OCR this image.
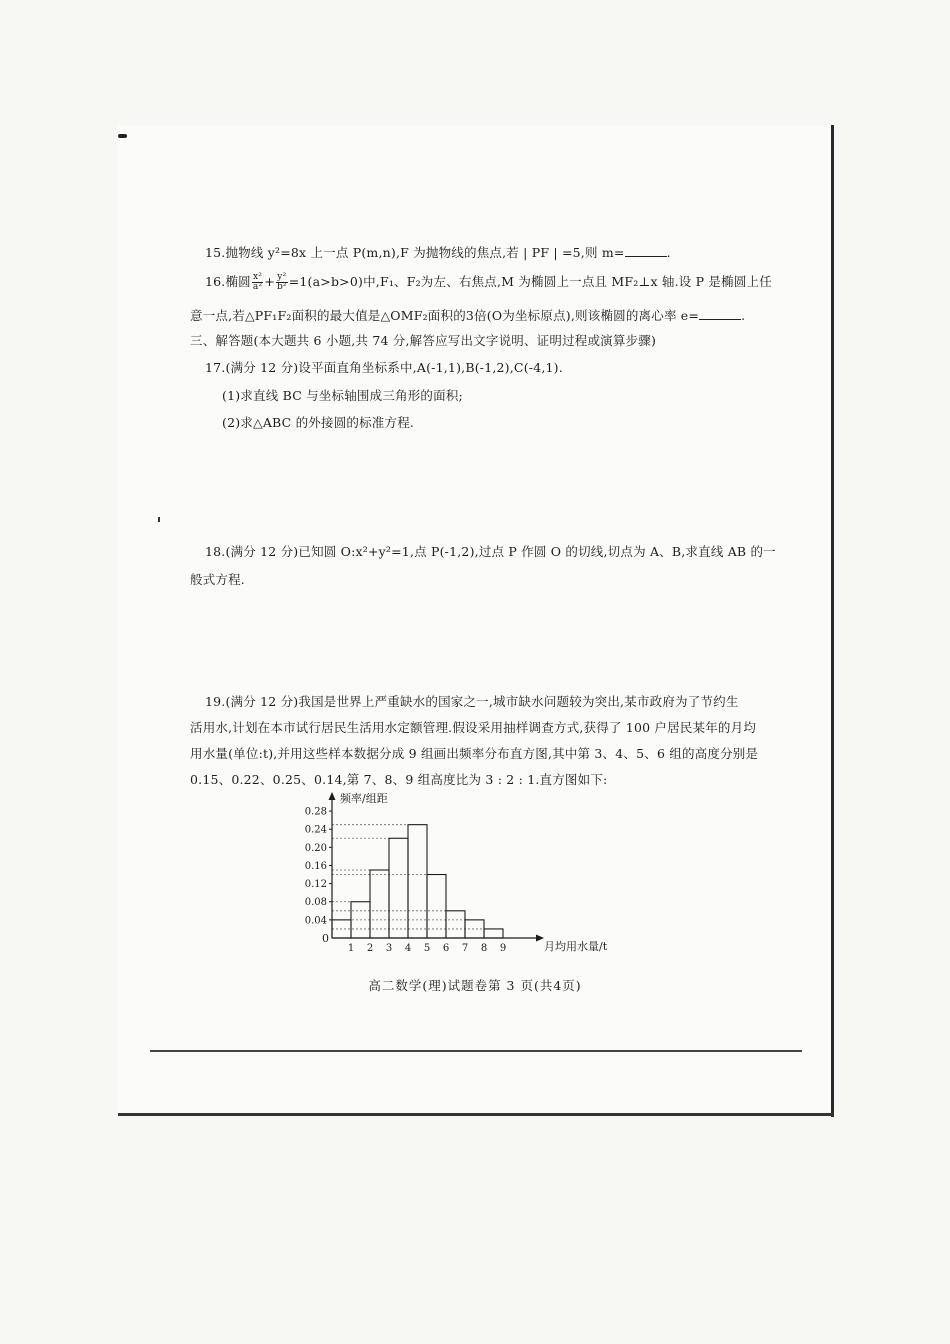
15.抛物线 y²=8x 上一点 P(m,n),F 为抛物线的焦点,若 | PF | =5,则 m=	.
16.椭圆 $\frac{\text{x²}}{\text{a²}} + \frac{\text{y²}}{\text{b²}} =1(a>b>0)$中,F₁、F₂为左、右焦点,M 为椭圆上一点且 MF₂⊥x 轴.设 P 是椭圆上任
意一点,若△PF₁F₂面积的最大值是△OMF₂面积的3倍(O为坐标原点),则该椭圆的离心率 e=	.
三、解答题(本大题共 6 小题,共 74 分,解答应写出文字说明、证明过程或演算步骤)
17.(满分 12 分)设平面直角坐标系中,A(-1,1),B(-1,2),C(-4,1).
(1)求直线 BC 与坐标轴围成三角形的面积;
(2)求△ABC 的外接圆的标准方程.
18.(满分 12 分)已知圆 O:x²+y²=1,点 P(-1,2),过点 P 作圆 O 的切线,切点为 A、B,求直线 AB 的一
般式方程.
19.(满分 12 分)我国是世界上严重缺水的国家之一,城市缺水问题较为突出,某市政府为了节约生
活用水,计划在本市试行居民生活用水定额管理.假设采用抽样调查方式,获得了 100 户居民某年的月均
用水量(单位:t),并用这些样本数据分成 9 组画出频率分布直方图,其中第 3、4、5、6 组的高度分别是
0.15、0.22、0.25、0.14,第 7、8、9 组高度比为 3 : 2 : 1.直方图如下:
0.04
0.08
0.12
0.16
0.20
0.24
0.28
1 2 3 4 5 6 7 8 9
频率/组距
月均用水量/t
0
高二数学(理)试题卷第 3 页(共4页)
